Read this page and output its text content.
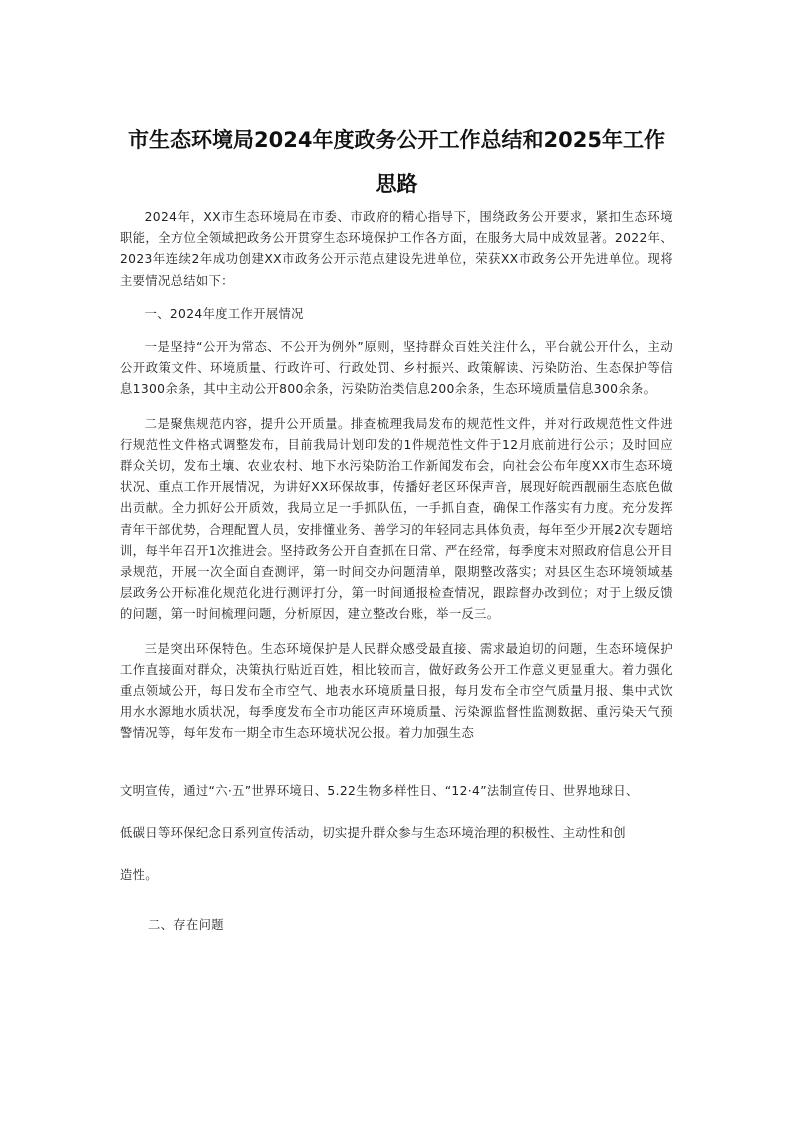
市生态环境局2024年度政务公开工作总结和2025年工作思路

2024年，XX市生态环境局在市委、市政府的精心指导下，围绕政务公开要求，紧扣生态环境职能，全方位全领域把政务公开贯穿生态环境保护工作各方面，在服务大局中成效显著。2022年、2023年连续2年成功创建XX市政务公开示范点建设先进单位，荣获XX市政务公开先进单位。现将主要情况总结如下：

一、2024年度工作开展情况

一是坚持“公开为常态、不公开为例外”原则，坚持群众百姓关注什么，平台就公开什么，主动公开政策文件、环境质量、行政许可、行政处罚、乡村振兴、政策解读、污染防治、生态保护等信息1300余条，其中主动公开800余条，污染防治类信息200余条，生态环境质量信息300余条。

二是聚焦规范内容，提升公开质量。排查梳理我局发布的规范性文件，并对行政规范性文件进行规范性文件格式调整发布，目前我局计划印发的1件规范性文件于12月底前进行公示；及时回应群众关切，发布土壤、农业农村、地下水污染防治工作新闻发布会，向社会公布年度XX市生态环境状况、重点工作开展情况，为讲好XX环保故事，传播好老区环保声音，展现好皖西靓丽生态底色做出贡献。全力抓好公开质效，我局立足一手抓队伍，一手抓自查，确保工作落实有力度。充分发挥青年干部优势，合理配置人员，安排懂业务、善学习的年轻同志具体负责，每年至少开展2次专题培训，每半年召开1次推进会。坚持政务公开自查抓在日常、严在经常，每季度末对照政府信息公开目录规范，开展一次全面自查测评，第一时间交办问题清单，限期整改落实；对县区生态环境领域基层政务公开标准化规范化进行测评打分，第一时间通报检查情况，跟踪督办改到位；对于上级反馈的问题，第一时间梳理问题，分析原因，建立整改台账，举一反三。

三是突出环保特色。生态环境保护是人民群众感受最直接、需求最迫切的问题，生态环境保护工作直接面对群众，决策执行贴近百姓，相比较而言，做好政务公开工作意义更显重大。着力强化重点领域公开，每日发布全市空气、地表水环境质量日报，每月发布全市空气质量月报、集中式饮用水水源地水质状况，每季度发布全市功能区声环境质量、污染源监督性监测数据、重污染天气预警情况等，每年发布一期全市生态环境状况公报。着力加强生态

文明宣传，通过“六·五”世界环境日、5.22生物多样性日、“12·4”法制宣传日、世界地球日、

低碳日等环保纪念日系列宣传活动，切实提升群众参与生态环境治理的积极性、主动性和创

造性。

二、存在问题
